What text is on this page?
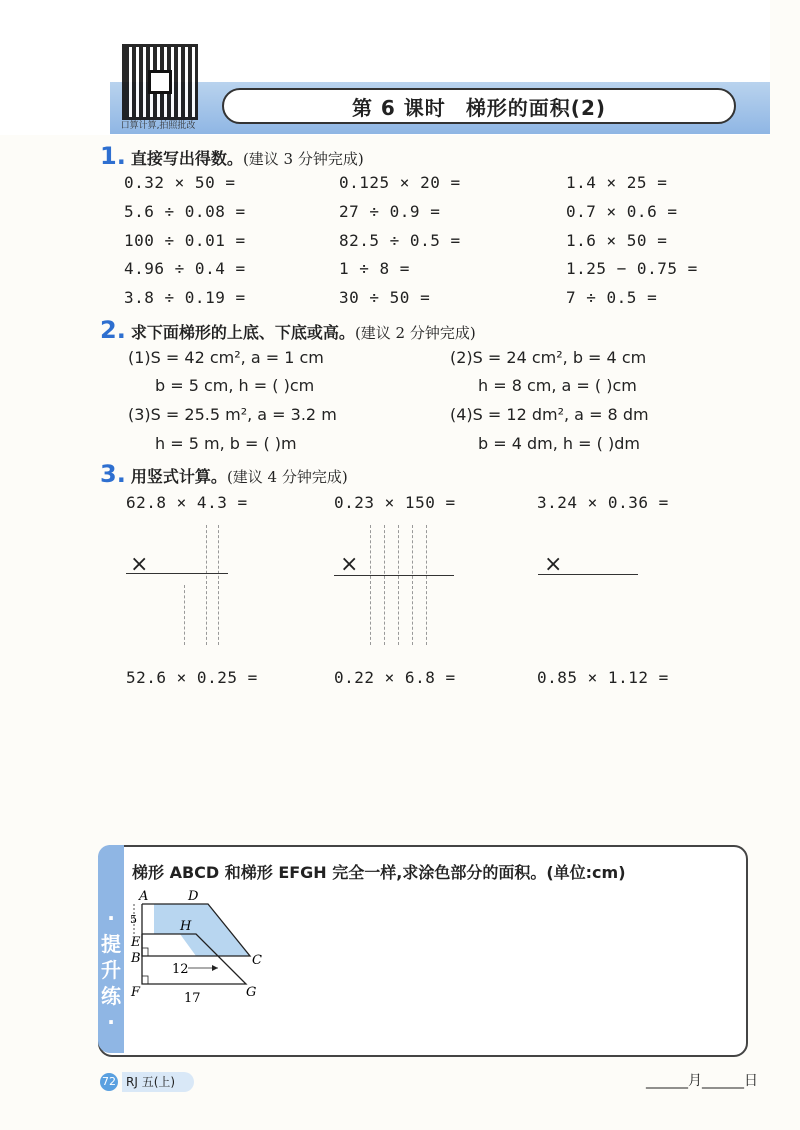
第 6 课时 梯形的面积(2)
口算计算,拍照批改
1. 直接写出得数。(建议 3 分钟完成)
0.32 × 50 =	0.125 × 20 =	1.4 × 25 =
5.6 ÷ 0.08 =	27 ÷ 0.9 =	0.7 × 0.6 =
100 ÷ 0.01 =	82.5 ÷ 0.5 =	1.6 × 50 =
4.96 ÷ 0.4 =	1 ÷ 8 =	1.25 − 0.75 =
3.8 ÷ 0.19 =	30 ÷ 50 =	7 ÷ 0.5 =
2. 求下面梯形的上底、下底或高。(建议 2 分钟完成)
(1)S = 42 cm², a = 1 cm
b = 5 cm, h = ( )cm
(2)S = 24 cm², b = 4 cm
h = 8 cm, a = ( )cm
(3)S = 25.5 m², a = 3.2 m
h = 5 m, b = ( )m
(4)S = 12 dm², a = 8 dm
b = 4 dm, h = ( )dm
3. 用竖式计算。(建议 4 分钟完成)
62.8 × 4.3 =	0.23 × 150 =	3.24 × 0.36 =
×	×	×
52.6 × 0.25 =	0.22 × 6.8 =	0.85 × 1.12 =
·
提
升
练
·
梯形 ABCD 和梯形 EFGH 完全一样,求涂色部分的面积。(单位:cm)
A	D
H
E
B	C
F	G
5
12
17
72 RJ 五(上)	______月______日
